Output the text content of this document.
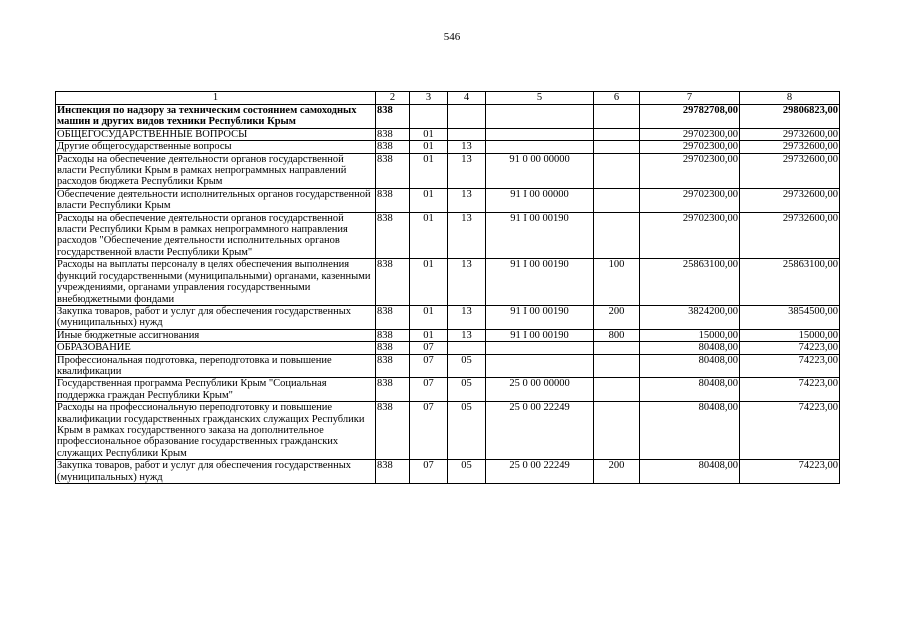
546
1	2	3	4	5	6	7	8
Инспекция по надзору за техническим состоянием самоходных машин и других видов техники Республики Крым	838					29782708,00	29806823,00
ОБЩЕГОСУДАРСТВЕННЫЕ ВОПРОСЫ	838	01				29702300,00	29732600,00
Другие общегосударственные вопросы	838	01	13			29702300,00	29732600,00
Расходы на обеспечение деятельности органов государственной власти Республики Крым в рамках непрограммных направлений расходов бюджета Республики Крым	838	01	13	91 0 00 00000		29702300,00	29732600,00
Обеспечение деятельности исполнительных органов государственной власти Республики Крым	838	01	13	91 I 00 00000		29702300,00	29732600,00
Расходы на обеспечение деятельности органов государственной власти Республики Крым в рамках непрограммного направления расходов "Обеспечение деятельности исполнительных органов государственной власти Республики Крым"	838	01	13	91 I 00 00190		29702300,00	29732600,00
Расходы на выплаты персоналу в целях обеспечения выполнения функций государственными (муниципальными) органами, казенными учреждениями, органами управления государственными внебюджетными фондами	838	01	13	91 I 00 00190	100	25863100,00	25863100,00
Закупка товаров, работ и услуг для обеспечения государственных (муниципальных) нужд	838	01	13	91 I 00 00190	200	3824200,00	3854500,00
Иные бюджетные ассигнования	838	01	13	91 I 00 00190	800	15000,00	15000,00
ОБРАЗОВАНИЕ	838	07				80408,00	74223,00
Профессиональная подготовка, переподготовка и повышение квалификации	838	07	05			80408,00	74223,00
Государственная программа Республики Крым "Социальная поддержка граждан Республики Крым"	838	07	05	25 0 00 00000		80408,00	74223,00
Расходы на профессиональную переподготовку и повышение квалификации государственных гражданских служащих Республики Крым в рамках государственного заказа на дополнительное профессиональное образование государственных гражданских служащих Республики Крым	838	07	05	25 0 00 22249		80408,00	74223,00
Закупка товаров, работ и услуг для обеспечения государственных (муниципальных) нужд	838	07	05	25 0 00 22249	200	80408,00	74223,00
